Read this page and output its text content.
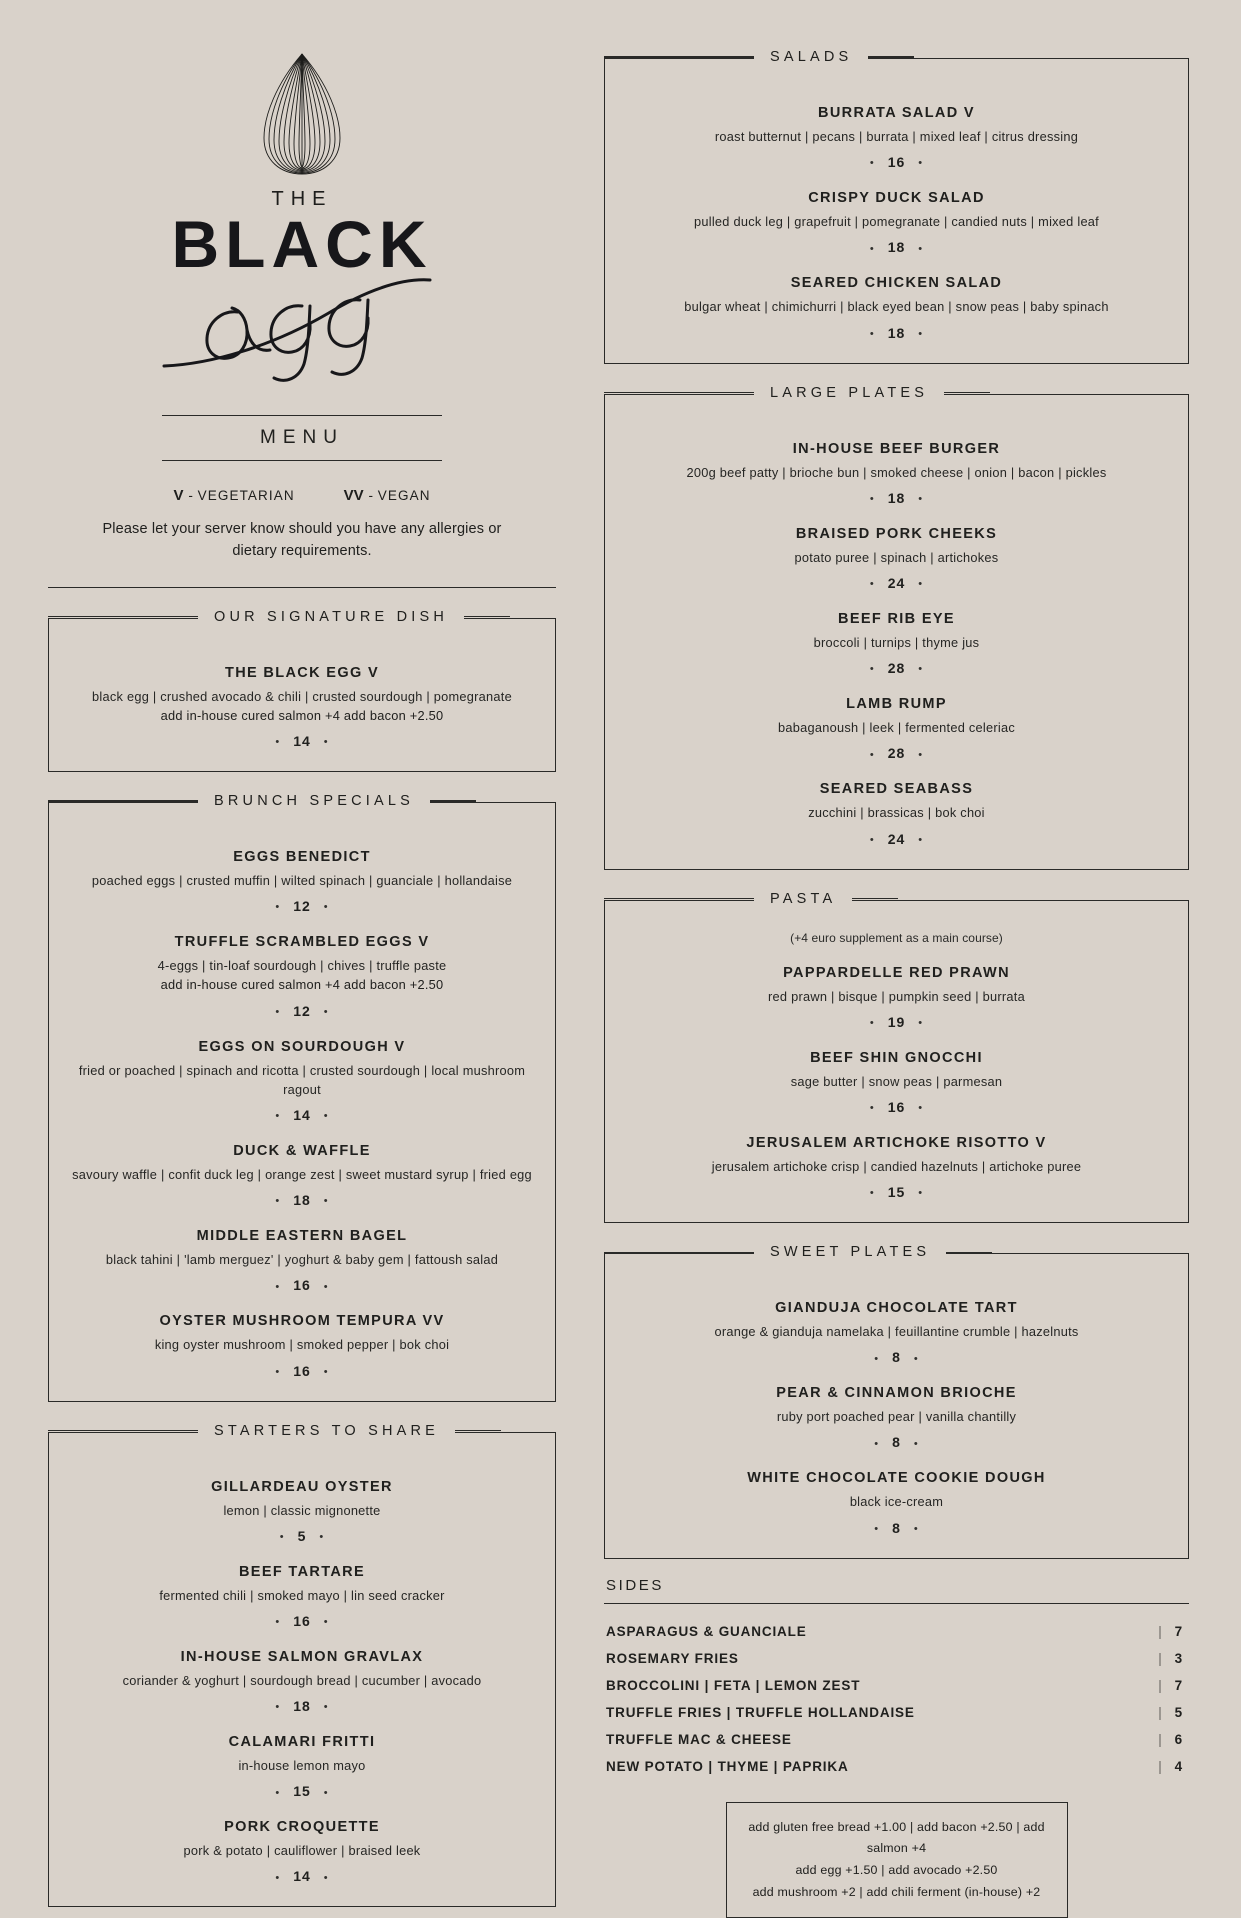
THE
BLACK
MENU
V - VEGETARIAN	VV - VEGAN
Please let your server know should you have any allergies or dietary requirements.
OUR SIGNATURE DISH
THE BLACK EGG V
black egg | crushed avocado & chili | crusted sourdough | pomegranate
add in-house cured salmon +4 add bacon +2.50
• 14 •
BRUNCH SPECIALS
EGGS BENEDICT
poached eggs | crusted muffin | wilted spinach | guanciale | hollandaise
• 12 •
TRUFFLE SCRAMBLED EGGS V
4-eggs | tin-loaf sourdough | chives | truffle paste
add in-house cured salmon +4 add bacon +2.50
• 12 •
EGGS ON SOURDOUGH V
fried or poached | spinach and ricotta | crusted sourdough | local mushroom ragout
• 14 •
DUCK & WAFFLE
savoury waffle | confit duck leg | orange zest | sweet mustard syrup | fried egg
• 18 •
MIDDLE EASTERN BAGEL
black tahini | 'lamb merguez' | yoghurt & baby gem | fattoush salad
• 16 •
OYSTER MUSHROOM TEMPURA VV
king oyster mushroom | smoked pepper | bok choi
• 16 •
STARTERS TO SHARE
GILLARDEAU OYSTER
lemon | classic mignonette
• 5 •
BEEF TARTARE
fermented chili | smoked mayo | lin seed cracker
• 16 •
IN-HOUSE SALMON GRAVLAX
coriander & yoghurt | sourdough bread | cucumber | avocado
• 18 •
CALAMARI FRITTI
in-house lemon mayo
• 15 •
PORK CROQUETTE
pork & potato | cauliflower | braised leek
• 14 •
SALADS
BURRATA SALAD V
roast butternut | pecans | burrata | mixed leaf | citrus dressing
• 16 •
CRISPY DUCK SALAD
pulled duck leg | grapefruit | pomegranate | candied nuts | mixed leaf
• 18 •
SEARED CHICKEN SALAD
bulgar wheat | chimichurri | black eyed bean | snow peas | baby spinach
• 18 •
LARGE PLATES
IN-HOUSE BEEF BURGER
200g beef patty | brioche bun | smoked cheese | onion | bacon | pickles
• 18 •
BRAISED PORK CHEEKS
potato puree | spinach | artichokes
• 24 •
BEEF RIB EYE
broccoli | turnips | thyme jus
• 28 •
LAMB RUMP
babaganoush | leek | fermented celeriac
• 28 •
SEARED SEABASS
zucchini | brassicas | bok choi
• 24 •
PASTA
(+4 euro supplement as a main course)
PAPPARDELLE RED PRAWN
red prawn | bisque | pumpkin seed | burrata
• 19 •
BEEF SHIN GNOCCHI
sage butter | snow peas | parmesan
• 16 •
JERUSALEM ARTICHOKE RISOTTO V
jerusalem artichoke crisp | candied hazelnuts | artichoke puree
• 15 •
SWEET PLATES
GIANDUJA CHOCOLATE TART
orange & gianduja namelaka | feuillantine crumble | hazelnuts
• 8 •
PEAR & CINNAMON BRIOCHE
ruby port poached pear | vanilla chantilly
• 8 •
WHITE CHOCOLATE COOKIE DOUGH
black ice-cream
• 8 •
SIDES
ASPARAGUS & GUANCIALE	| 7
ROSEMARY FRIES	| 3
BROCCOLINI | FETA | LEMON ZEST	| 7
TRUFFLE FRIES | TRUFFLE HOLLANDAISE	| 5
TRUFFLE MAC & CHEESE	| 6
NEW POTATO | THYME | PAPRIKA	| 4
add gluten free bread +1.00 | add bacon +2.50 | add salmon +4
add egg +1.50 | add avocado +2.50
add mushroom +2 | add chili ferment (in-house) +2
